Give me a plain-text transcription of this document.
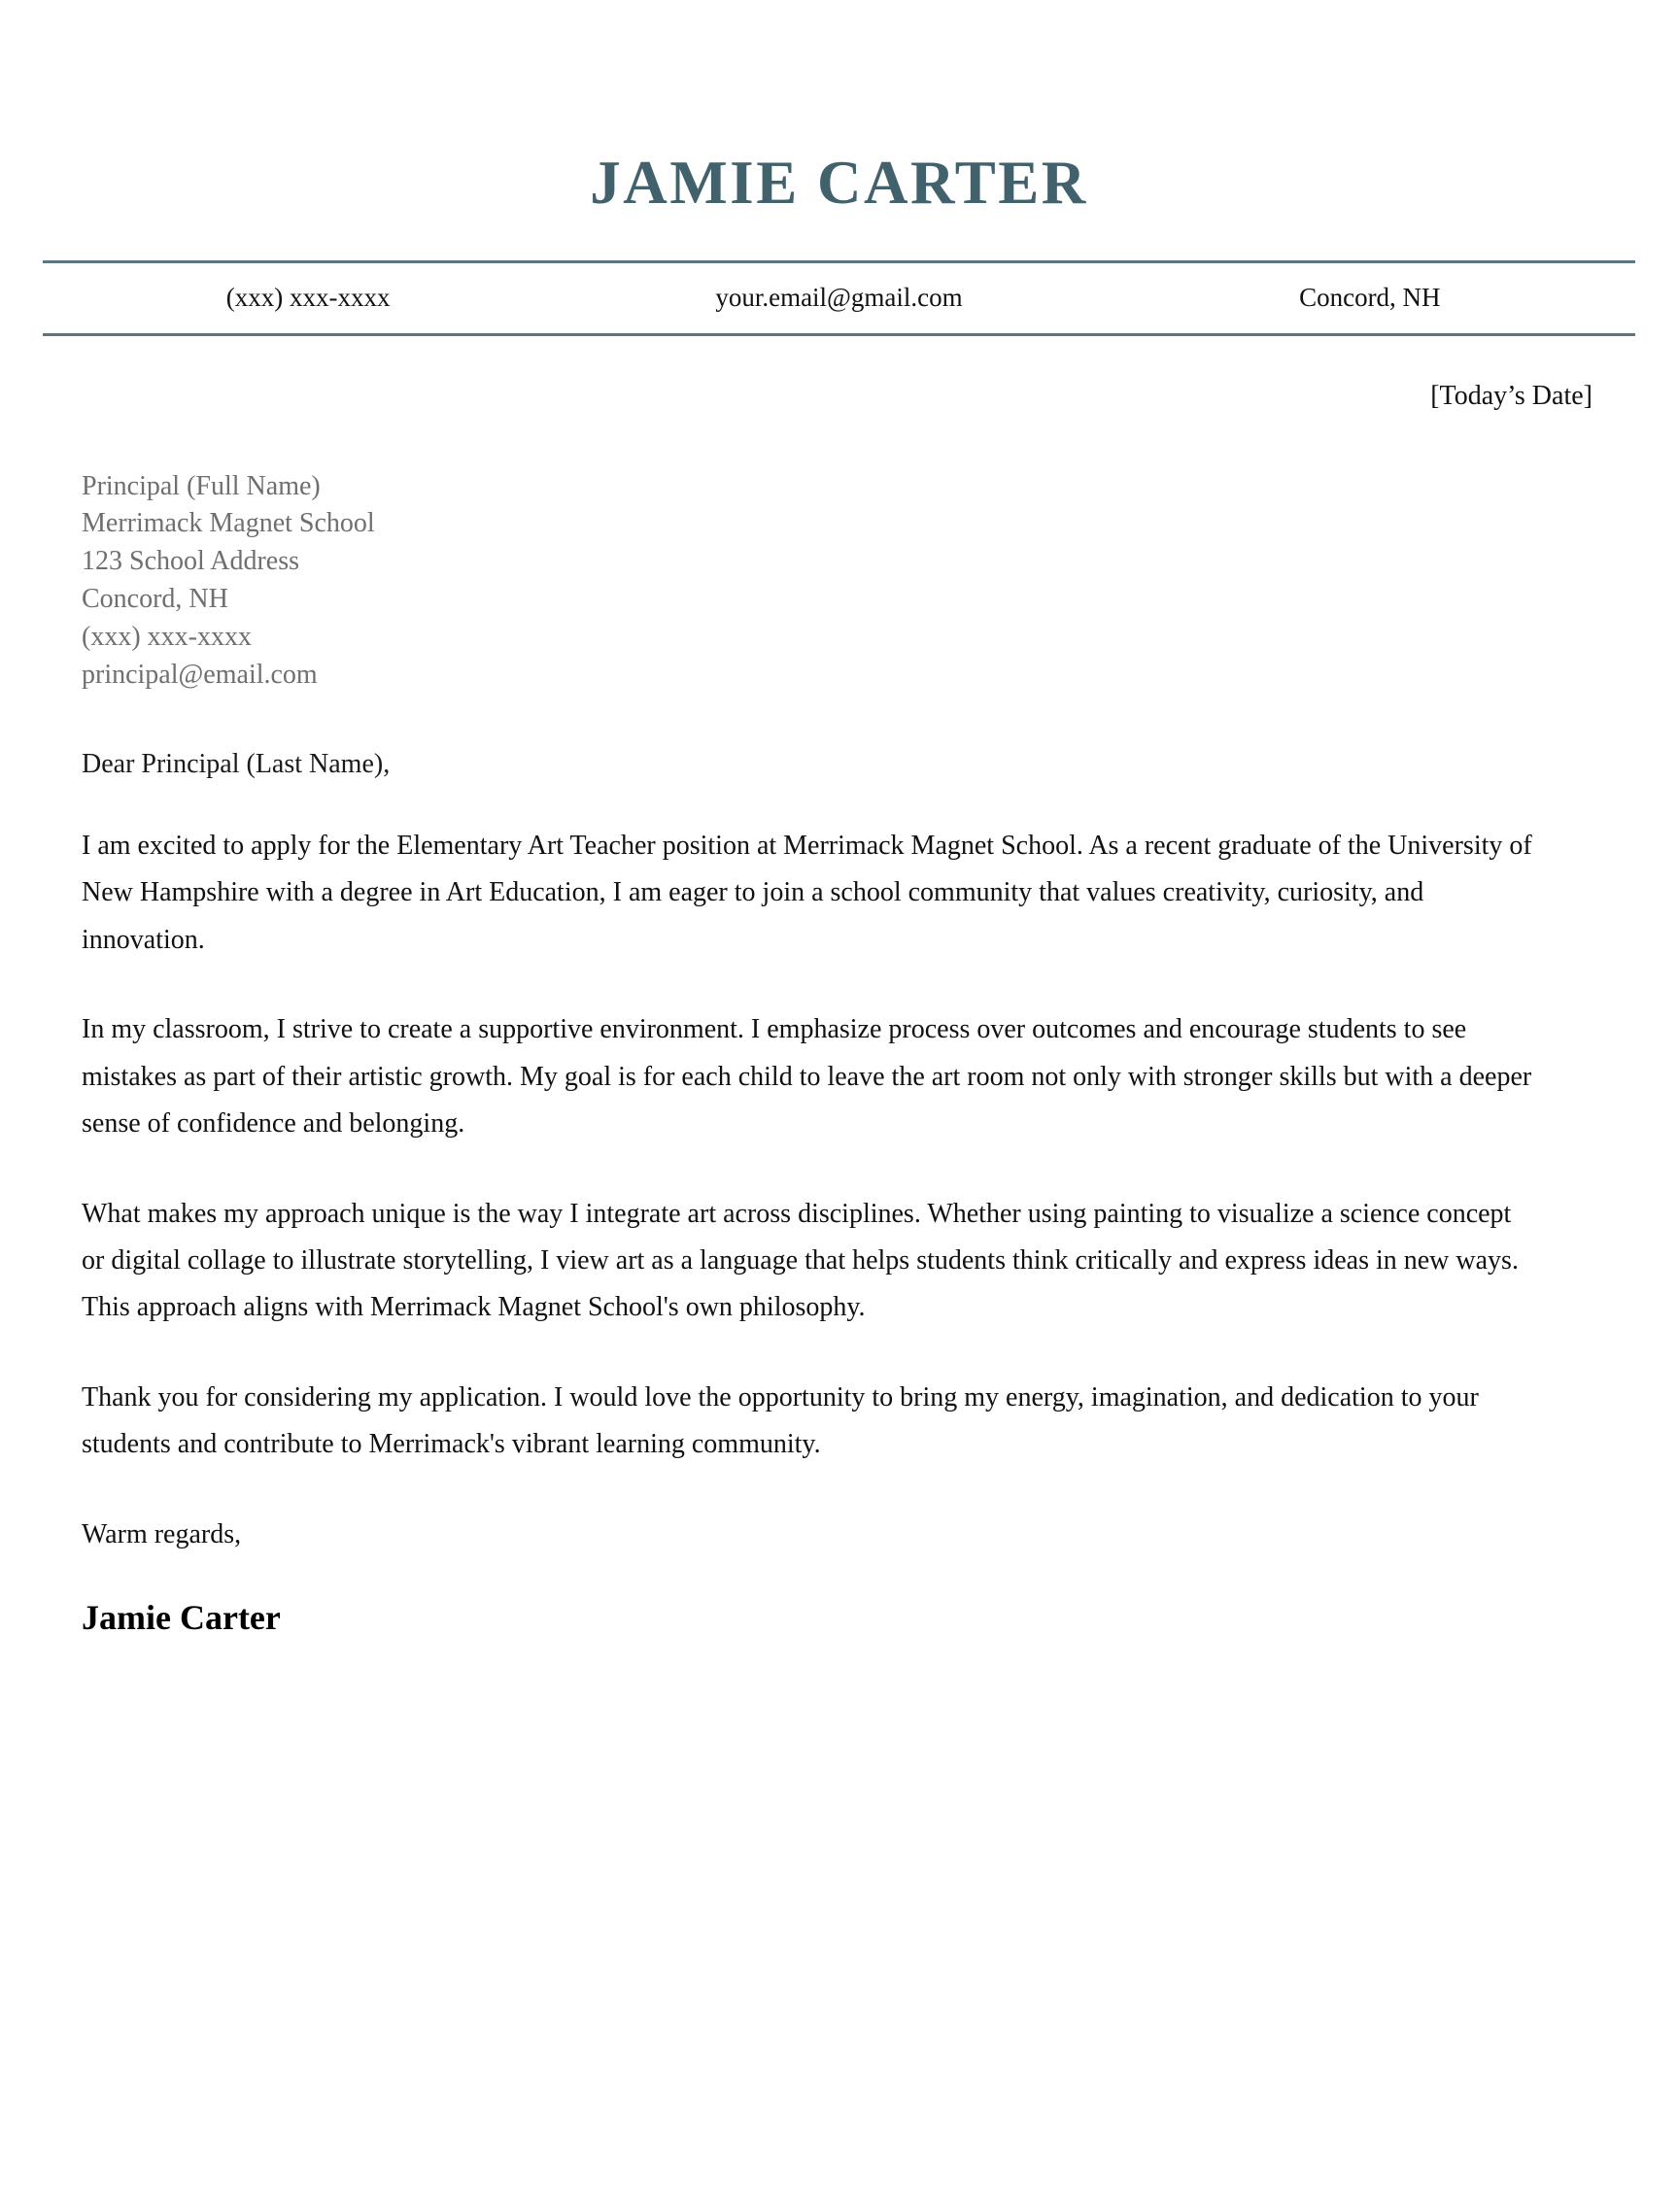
JAMIE CARTER
(xxx) xxx-xxxx	your.email@gmail.com	Concord, NH
[Today’s Date]
Principal (Full Name)
Merrimack Magnet School
123 School Address
Concord, NH
(xxx) xxx-xxxx
principal@email.com
Dear Principal (Last Name),

I am excited to apply for the Elementary Art Teacher position at Merrimack Magnet School. As a recent graduate of the University of New Hampshire with a degree in Art Education, I am eager to join a school community that values creativity, curiosity, and innovation.

In my classroom, I strive to create a supportive environment. I emphasize process over outcomes and encourage students to see mistakes as part of their artistic growth. My goal is for each child to leave the art room not only with stronger skills but with a deeper sense of confidence and belonging.

What makes my approach unique is the way I integrate art across disciplines. Whether using painting to visualize a science concept or digital collage to illustrate storytelling, I view art as a language that helps students think critically and express ideas in new ways. This approach aligns with Merrimack Magnet School's own philosophy.

Thank you for considering my application. I would love the opportunity to bring my energy, imagination, and dedication to your students and contribute to Merrimack's vibrant learning community.

Warm regards,
Jamie Carter
